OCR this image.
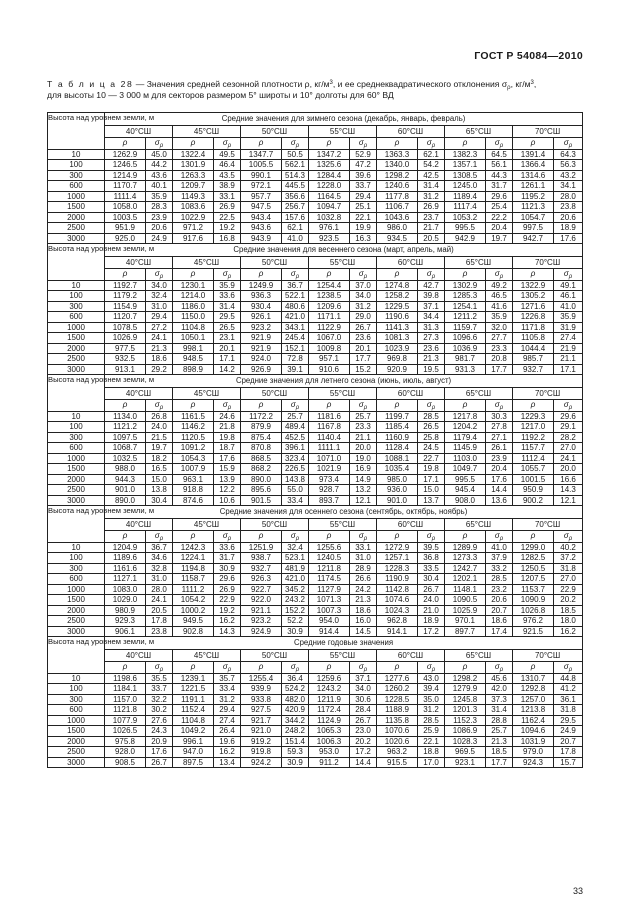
ГОСТ Р 54084—2010
Т а б л и ц а 28 — Значения средней сезонной плотности ρ, $кг/м^3$, и ее среднеквадратического отклонения $\sigma_\rho$, $кг/м^3$,
для высоты 10 — 3 000 м для секторов размером 5° широты и 10° долготы для 60° ВД
Высота над уровнем земли, м	Средние значения для зимнего сезона (декабрь, январь, февраль)													
	40°СШ		45°СШ		50°СШ		55°СШ		60°СШ		65°СШ		70°СШ	
	ρ	$\sigma_\rho$	ρ	$\sigma_\rho$	ρ	$\sigma_\rho$	ρ	$\sigma_\rho$	ρ	$\sigma_\rho$	ρ	$\sigma_\rho$	ρ	$\sigma_\rho$
10	1262.9	45.0	1322.4	49.5	1347.7	50.5	1347.2	52.9	1363.3	62.1	1382.3	64.5	1391.4	64.3
100	1246.5	44.2	1301.9	46.4	1005.5	562.1	1325.6	47.2	1340.0	54.2	1357.1	56.1	1366.4	56.3
300	1214.9	43.6	1263.3	43.5	990.1	514.3	1284.4	39.6	1298.2	42.5	1308.5	44.3	1314.6	43.2
600	1170.7	40.1	1209.7	38.9	972.1	445.5	1228.0	33.7	1240.6	31.4	1245.0	31.7	1261.1	34.1
1000	1111.4	35.9	1149.3	33.1	957.7	356.6	1164.5	29.4	1177.8	31.2	1189.4	29.6	1195.2	28.0
1500	1058.0	28.3	1083.6	26.9	947.5	256.7	1094.7	25.1	1106.7	26.9	1117.4	25.4	1121.3	23.8
2000	1003.5	23.9	1022.9	22.5	943.4	157.6	1032.8	22.1	1043.6	23.7	1053.2	22.2	1054.7	20.6
2500	951.9	20.6	971.2	19.2	943.6	62.1	976.1	19.9	986.0	21.7	995.5	20.4	997.5	18.9
3000	925.0	24.9	917.6	16.8	943.9	41.0	923.5	16.3	934.5	20.5	942.9	19.7	942.7	17.6
Высота над уровнем земли, м	Средние значения для весеннего сезона (март, апрель, май)													
	40°СШ		45°СШ		50°СШ		55°СШ		60°СШ		65°СШ		70°СШ	
	ρ	$\sigma_\rho$	ρ	$\sigma_\rho$	ρ	$\sigma_\rho$	ρ	$\sigma_\rho$	ρ	$\sigma_\rho$	ρ	$\sigma_\rho$	ρ	$\sigma_\rho$
10	1192.7	34.0	1230.1	35.9	1249.9	36.7	1254.4	37.0	1274.8	42.7	1302.9	49.2	1322.9	49.1
100	1179.2	32.4	1214.0	33.6	936.3	522.1	1238.5	34.0	1258.2	39.8	1285.3	46.5	1305.2	46.1
300	1154.9	31.0	1186.0	31.4	930.4	480.6	1209.6	31.2	1229.5	37.1	1254.1	41.6	1271.6	41.0
600	1120.7	29.4	1150.0	29.5	926.1	421.0	1171.1	29.0	1190.6	34.4	1211.2	35.9	1226.8	35.9
1000	1078.5	27.2	1104.8	26.5	923.2	343.1	1122.9	26.7	1141.3	31.3	1159.7	32.0	1171.8	31.9
1500	1026.9	24.1	1050.1	23.1	921.9	245.4	1067.0	23.6	1081.3	27.3	1096.6	27.7	1105.8	27.4
2000	977.5	21.3	998.1	20.1	921.9	152.1	1009.8	20.1	1023.9	23.6	1036.9	23.3	1044.4	21.9
2500	932.5	18.6	948.5	17.1	924.0	72.8	957.1	17.7	969.8	21.3	981.7	20.8	985.7	21.1
3000	913.1	29.2	898.9	14.2	926.9	39.1	910.6	15.2	920.9	19.5	931.3	17.7	932.7	17.1
Высота над уровнем земли, м	Средние значения для летнего сезона (июнь, июль, август)													
	40°СШ		45°СШ		50°СШ		55°СШ		60°СШ		65°СШ		70°СШ	
	ρ	$\sigma_\rho$	ρ	$\sigma_\rho$	ρ	$\sigma_\rho$	ρ	$\sigma_\rho$	ρ	$\sigma_\rho$	ρ	$\sigma_\rho$	ρ	$\sigma_\rho$
10	1134.0	26.8	1161.5	24.6	1172.2	25.7	1181.6	25.7	1199.7	28.5	1217.8	30.3	1229.3	29.6
100	1121.2	24.0	1146.2	21.8	879.9	489.4	1167.8	23.3	1185.4	26.5	1204.2	27.8	1217.0	29.1
300	1097.5	21.5	1120.5	19.8	875.4	452.5	1140.4	21.1	1160.9	25.8	1179.4	27.1	1192.2	28.2
600	1068.7	19.7	1091.2	18.7	870.8	396.1	1111.1	20.0	1128.4	24.5	1145.9	26.1	1157.7	27.0
1000	1032.5	18.2	1054.3	17.6	868.5	323.4	1071.0	19.0	1088.1	22.7	1103.0	23.9	1112.4	24.1
1500	988.0	16.5	1007.9	15.9	868.2	226.5	1021.9	16.9	1035.4	19.8	1049.7	20.4	1055.7	20.0
2000	944.3	15.0	963.1	13.9	890.0	143.8	973.4	14.9	985.0	17.1	995.5	17.6	1001.5	16.6
2500	901.0	13.8	918.8	12.2	895.6	55.0	928.7	13.2	936.0	15.0	945.4	14.4	950.9	14.3
3000	890.0	30.4	874.6	10.6	901.5	33.4	893.7	12.1	901.0	13.7	908.0	13.6	900.2	12.1
Высота над уровнем земли, м	Средние значения для осеннего сезона (сентябрь, октябрь, ноябрь)													
	40°СШ		45°СШ		50°СШ		55°СШ		60°СШ		65°СШ		70°СШ	
	ρ	$\sigma_\rho$	ρ	$\sigma_\rho$	ρ	$\sigma_\rho$	ρ	$\sigma_\rho$	ρ	$\sigma_\rho$	ρ	$\sigma_\rho$	ρ	$\sigma_\rho$
10	1204.9	36.7	1242.3	33.6	1251.9	32.4	1255.6	33.1	1272.9	39.5	1289.9	41.0	1299.0	40.2
100	1189.6	34.6	1224.1	31.7	938.7	523.1	1240.5	31.0	1257.1	36.8	1273.3	37.9	1282.5	37.2
300	1161.6	32.8	1194.8	30.9	932.7	481.9	1211.8	28.9	1228.3	33.5	1242.7	33.2	1250.5	31.8
600	1127.1	31.0	1158.7	29.6	926.3	421.0	1174.5	26.6	1190.9	30.4	1202.1	28.5	1207.5	27.0
1000	1083.0	28.0	1111.2	26.9	922.7	345.2	1127.9	24.2	1142.8	26.7	1148.1	23.2	1153.7	22.9
1500	1029.0	24.1	1054.2	22.9	922.0	243.2	1071.3	21.3	1074.6	24.0	1090.5	20.6	1090.9	20.2
2000	980.9	20.5	1000.2	19.2	921.1	152.2	1007.3	18.6	1024.3	21.0	1025.9	20.7	1026.8	18.5
2500	929.3	17.8	949.5	16.2	923.2	52.2	954.0	16.0	962.8	18.9	970.1	18.6	976.2	18.0
3000	906.1	23.8	902.8	14.3	924.9	30.9	914.4	14.5	914.1	17.2	897.7	17.4	921.5	16.2
Высота над уровнем земли, м	Средние годовые значения													
	40°СШ		45°СШ		50°СШ		55°СШ		60°СШ		65°СШ		70°СШ	
	ρ	$\sigma_\rho$	ρ	$\sigma_\rho$	ρ	$\sigma_\rho$	ρ	$\sigma_\rho$	ρ	$\sigma_\rho$	ρ	$\sigma_\rho$	ρ	$\sigma_\rho$
10	1198.6	35.5	1239.1	35.7	1255.4	36.4	1259.6	37.1	1277.6	43.0	1298.2	45.6	1310.7	44.8
100	1184.1	33.7	1221.5	33.4	939.9	524.2	1243.2	34.0	1260.2	39.4	1279.9	42.0	1292.8	41.2
300	1157.0	32.2	1191.1	31.2	933.8	482.0	1211.9	30.6	1228.5	35.0	1245.8	37.3	1257.0	36.1
600	1121.8	30.2	1152.4	29.4	927.5	420.9	1172.4	28.4	1188.9	31.2	1201.3	31.4	1213.8	31.8
1000	1077.9	27.6	1104.8	27.4	921.7	344.2	1124.9	26.7	1135.8	28.5	1152.3	28.8	1162.4	29.5
1500	1026.5	24.3	1049.2	26.4	921.0	248.2	1065.3	23.0	1070.6	25.9	1086.9	25.7	1094.6	24.9
2000	975.8	20.9	996.1	19.6	919.2	151.4	1006.3	20.2	1020.6	22.1	1028.3	21.3	1031.9	20.7
2500	928.0	17.6	947.0	16.2	919.8	59.3	953.0	17.2	963.2	18.8	969.5	18.5	979.0	17.8
3000	908.5	26.7	897.5	13.4	924.2	30.9	911.2	14.4	915.5	17.0	923.1	17.7	924.3	15.7
33
